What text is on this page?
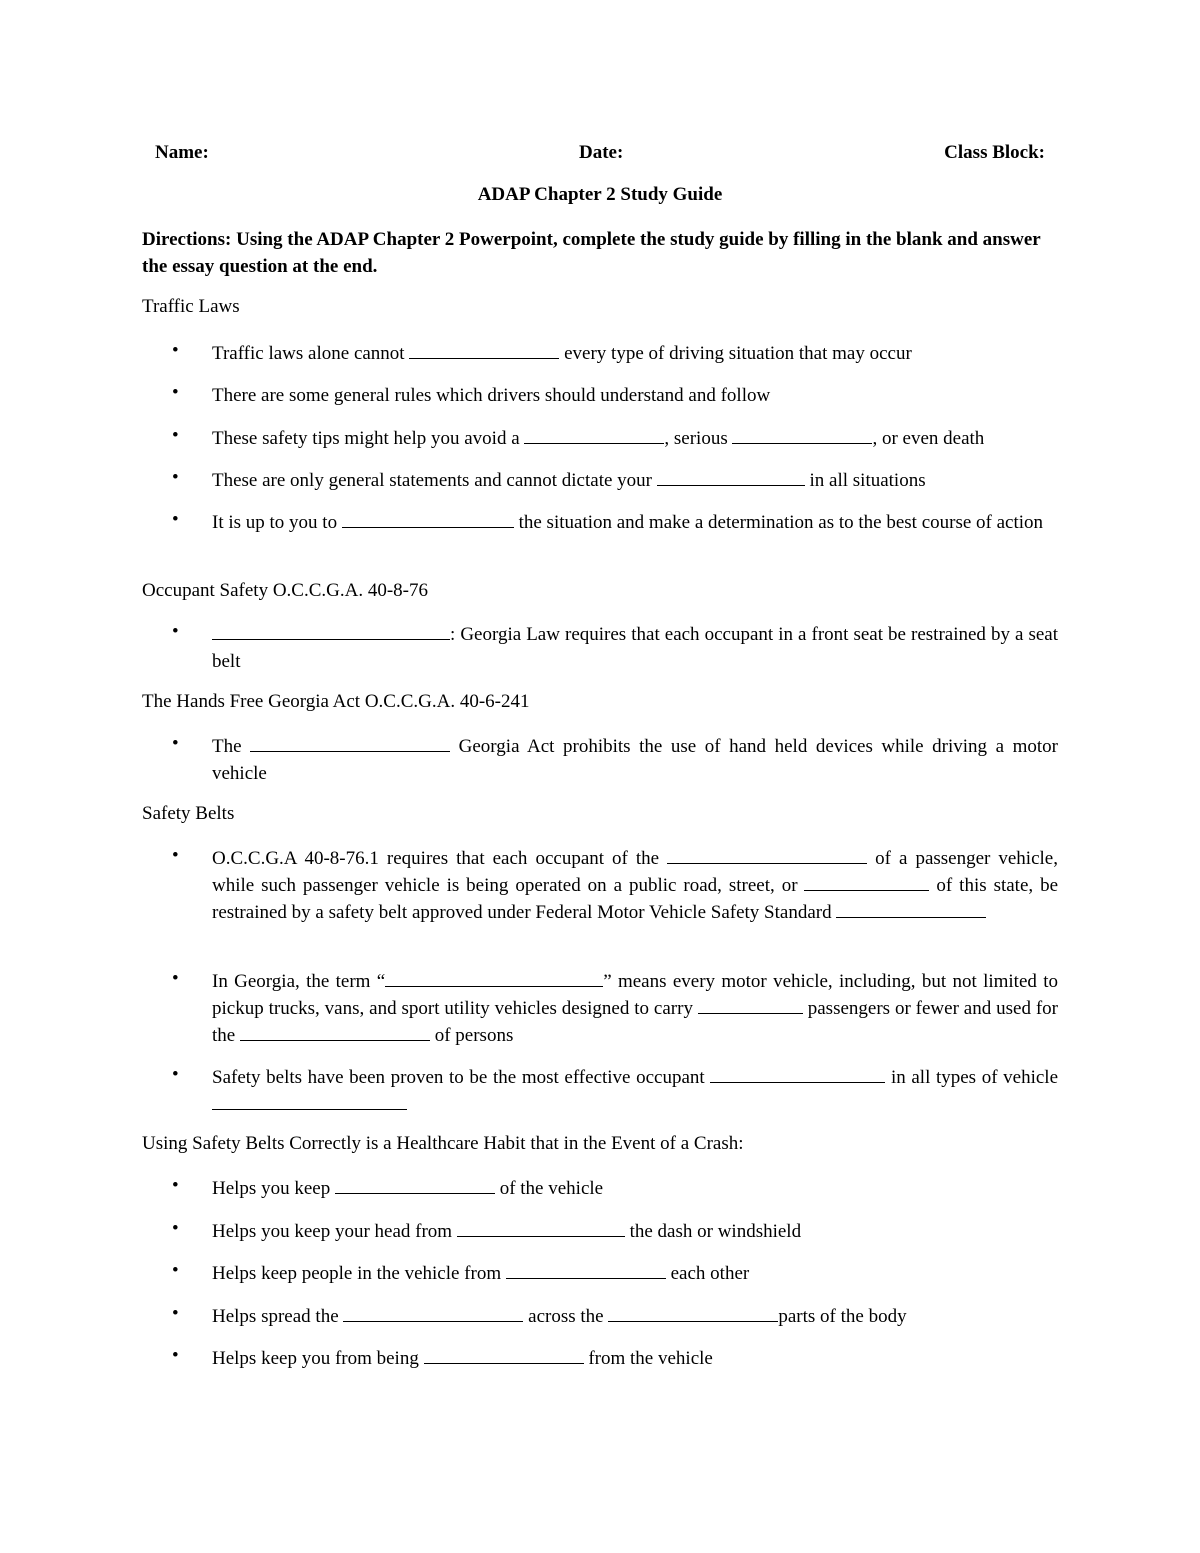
Name:	Date:	Class Block:
ADAP Chapter 2 Study Guide
Directions: Using the ADAP Chapter 2 Powerpoint, complete the study guide by filling in the blank and answer the essay question at the end.
Traffic Laws
• Traffic laws alone cannot	every type of driving situation that may occur
• There are some general rules which drivers should understand and follow
• These safety tips might help you avoid a	, serious	, or even death
• These are only general statements and cannot dictate your	in all situations
• It is up to you to	the situation and make a determination as to the best course of action
Occupant Safety O.C.C.G.A. 40-8-76
•	: Georgia Law requires that each occupant in a front seat be restrained by a seat belt
The Hands Free Georgia Act O.C.C.G.A. 40-6-241
• The	Georgia Act prohibits the use of hand held devices while driving a motor vehicle
Safety Belts
• O.C.C.G.A 40-8-76.1 requires that each occupant of the	of a passenger vehicle, while such passenger vehicle is being operated on a public road, street, or	of this state, be restrained by a safety belt approved under Federal Motor Vehicle Safety Standard
• In Georgia, the term “	” means every motor vehicle, including, but not limited to pickup trucks, vans, and sport utility vehicles designed to carry	passengers or fewer and used for the	of persons
• Safety belts have been proven to be the most effective occupant	in all types of vehicle
Using Safety Belts Correctly is a Healthcare Habit that in the Event of a Crash:
• Helps you keep	of the vehicle
• Helps you keep your head from	the dash or windshield
• Helps keep people in the vehicle from	each other
• Helps spread the	across the	parts of the body
• Helps keep you from being	from the vehicle
